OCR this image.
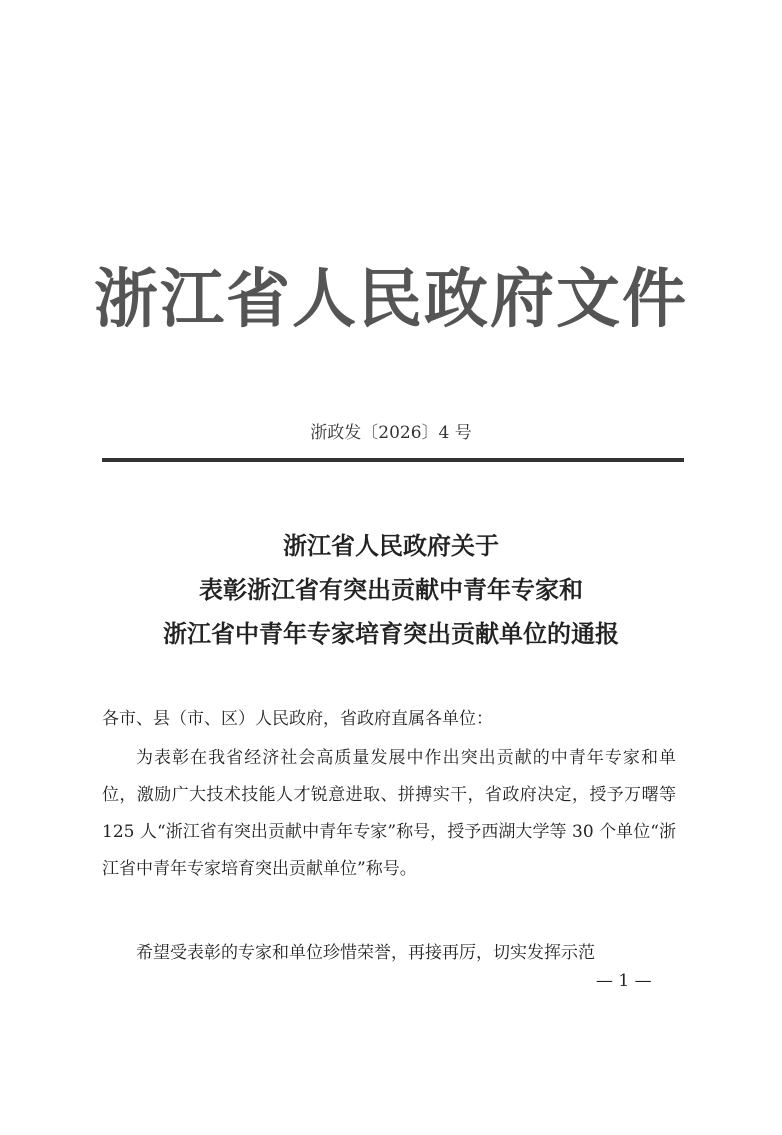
浙江省人民政府文件
浙政发〔2026〕4 号
浙江省人民政府关于
表彰浙江省有突出贡献中青年专家和
浙江省中青年专家培育突出贡献单位的通报
各市、县（市、区）人民政府，省政府直属各单位：
为表彰在我省经济社会高质量发展中作出突出贡献的中青年专家和单位，激励广大技术技能人才锐意进取、拼搏实干，省政府决定，授予万曙等 125 人“浙江省有突出贡献中青年专家”称号，授予西湖大学等 30 个单位“浙江省中青年专家培育突出贡献单位”称号。
希望受表彰的专家和单位珍惜荣誉，再接再厉，切实发挥示范
— 1 —
